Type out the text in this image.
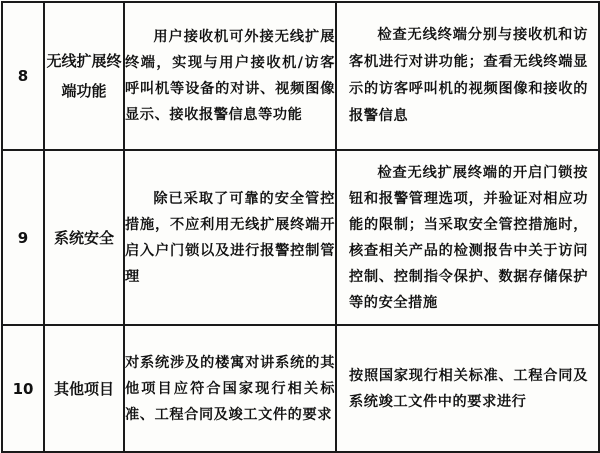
8	无线扩展终端功能	用户接收机可外接无线扩展终端，实现与用户接收机/访客呼叫机等设备的对讲、视频图像显示、接收报警信息等功能	检查无线终端分别与接收机和访客机进行对讲功能；查看无线终端显示的访客呼叫机的视频图像和接收的报警信息
9	系统安全	除已采取了可靠的安全管控措施，不应利用无线扩展终端开启入户门锁以及进行报警控制管理	检查无线扩展终端的开启门锁按钮和报警管理选项，并验证对相应功能的限制；当采取安全管控措施时，核查相关产品的检测报告中关于访问控制、控制指令保护、数据存储保护等的安全措施
10	其他项目	对系统涉及的楼寓对讲系统的其他项目应符合国家现行相关标准、工程合同及竣工文件的要求	按照国家现行相关标准、工程合同及系统竣工文件中的要求进行
